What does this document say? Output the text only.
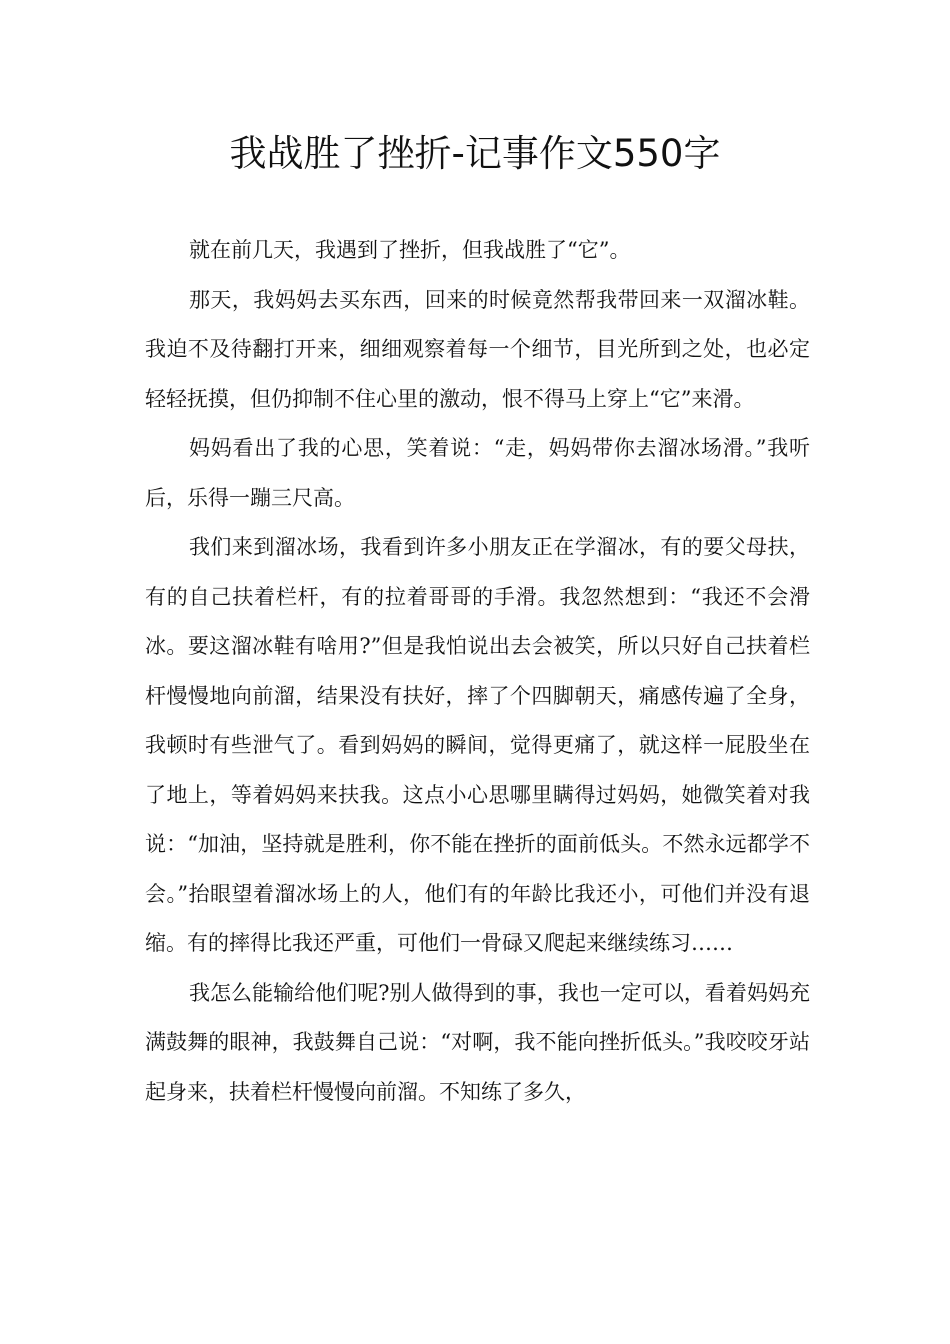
我战胜了挫折-记事作文550字

就在前几天，我遇到了挫折，但我战胜了“它”。

那天，我妈妈去买东西，回来的时候竟然帮我带回来一双溜冰鞋。我迫不及待翻打开来，细细观察着每一个细节，目光所到之处，也必定轻轻抚摸，但仍抑制不住心里的激动，恨不得马上穿上“它”来滑。

妈妈看出了我的心思，笑着说：“走，妈妈带你去溜冰场滑。”我听后，乐得一蹦三尺高。

我们来到溜冰场，我看到许多小朋友正在学溜冰，有的要父母扶，有的自己扶着栏杆，有的拉着哥哥的手滑。我忽然想到：“我还不会滑冰。要这溜冰鞋有啥用?”但是我怕说出去会被笑，所以只好自己扶着栏杆慢慢地向前溜，结果没有扶好，摔了个四脚朝天，痛感传遍了全身，我顿时有些泄气了。看到妈妈的瞬间，觉得更痛了，就这样一屁股坐在了地上，等着妈妈来扶我。这点小心思哪里瞒得过妈妈，她微笑着对我说：“加油，坚持就是胜利，你不能在挫折的面前低头。不然永远都学不会。”抬眼望着溜冰场上的人，他们有的年龄比我还小，可他们并没有退缩。有的摔得比我还严重，可他们一骨碌又爬起来继续练习……

我怎么能输给他们呢?别人做得到的事，我也一定可以，看着妈妈充满鼓舞的眼神，我鼓舞自己说：“对啊，我不能向挫折低头。”我咬咬牙站起身来，扶着栏杆慢慢向前溜。不知练了多久，
